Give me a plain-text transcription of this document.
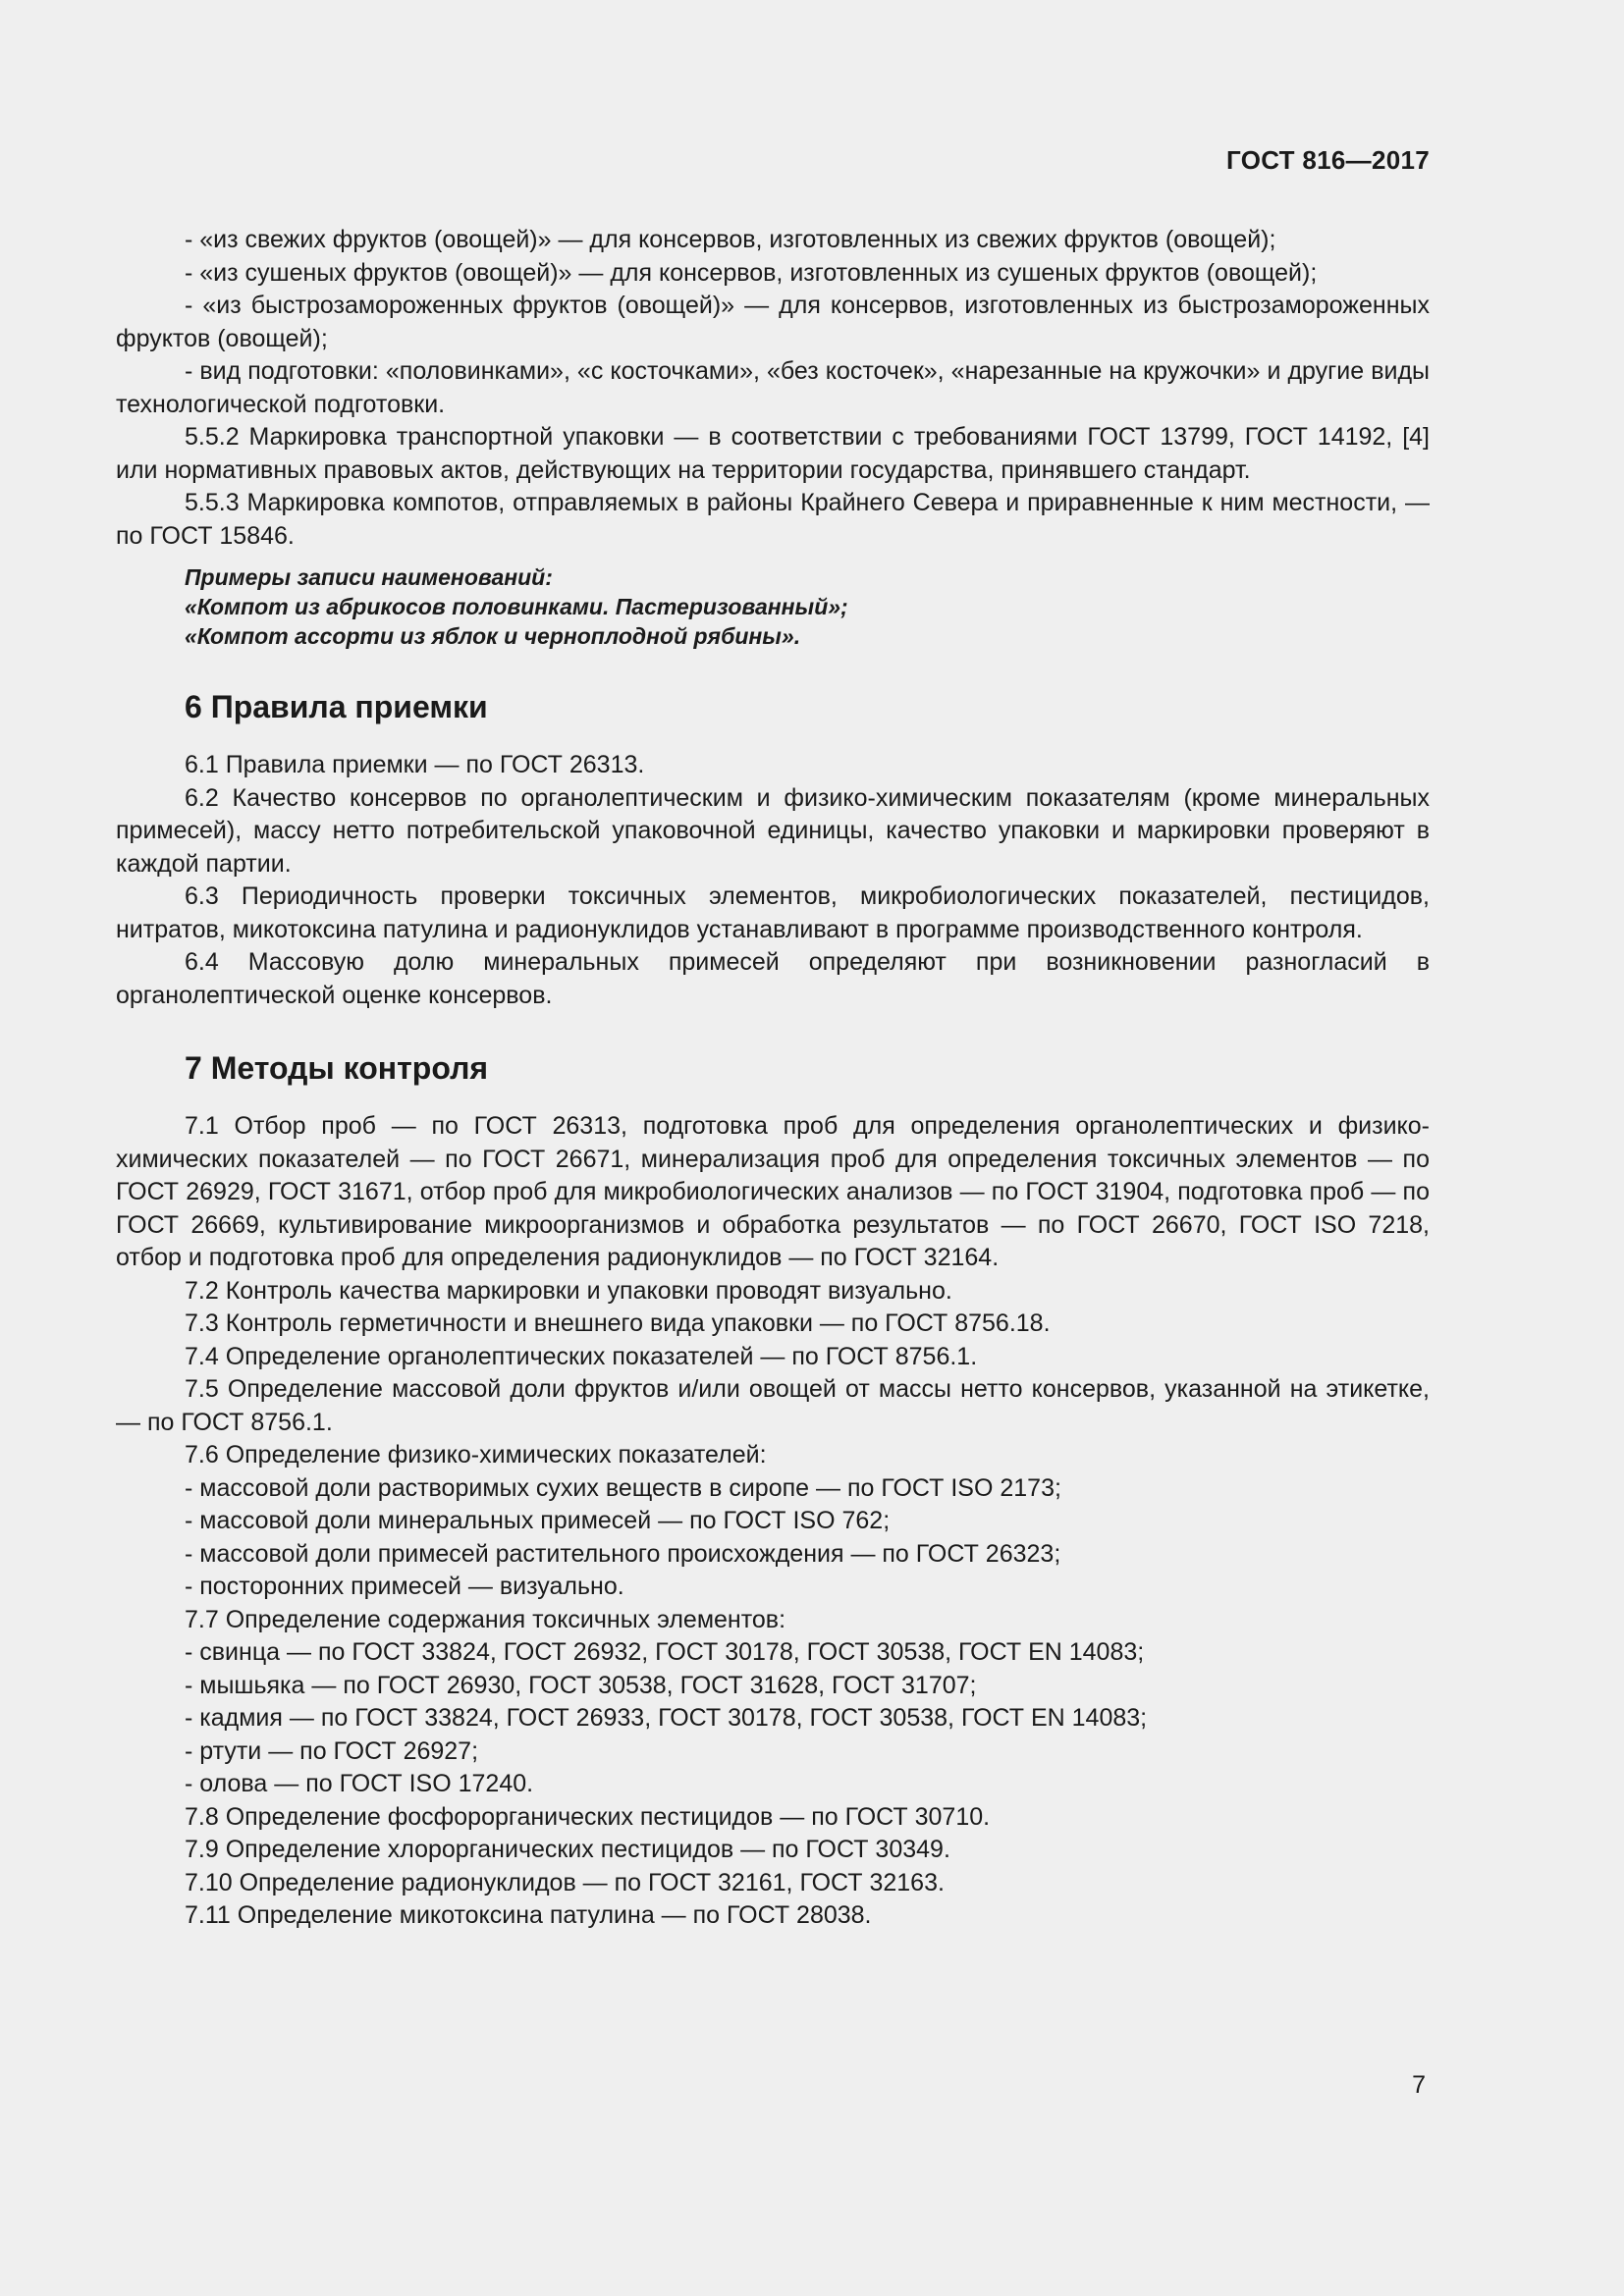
ГОСТ 816—2017

- «из свежих фруктов (овощей)» — для консервов, изготовленных из свежих фруктов (овощей);

- «из сушеных фруктов (овощей)» — для консервов, изготовленных из сушеных фруктов (овощей);

- «из быстрозамороженных фруктов (овощей)» — для консервов, изготовленных из быстрозамороженных фруктов (овощей);

- вид подготовки: «половинками», «с косточками», «без косточек», «нарезанные на кружочки» и другие виды технологической подготовки.

5.5.2 Маркировка транспортной упаковки — в соответствии с требованиями ГОСТ 13799, ГОСТ 14192, [4] или нормативных правовых актов, действующих на территории государства, принявшего стандарт.

5.5.3 Маркировка компотов, отправляемых в районы Крайнего Севера и приравненные к ним местности, — по ГОСТ 15846.

Примеры записи наименований:
«Компот из абрикосов половинками. Пастеризованный»;
«Компот ассорти из яблок и черноплодной рябины».
6 Правила приемки

6.1 Правила приемки — по ГОСТ 26313.

6.2 Качество консервов по органолептическим и физико-химическим показателям (кроме минеральных примесей), массу нетто потребительской упаковочной единицы, качество упаковки и маркировки проверяют в каждой партии.

6.3 Периодичность проверки токсичных элементов, микробиологических показателей, пестицидов, нитратов, микотоксина патулина и радионуклидов устанавливают в программе производственного контроля.

6.4 Массовую долю минеральных примесей определяют при возникновении разногласий в органолептической оценке консервов.

7 Методы контроля

7.1 Отбор проб — по ГОСТ 26313, подготовка проб для определения органолептических и физико-химических показателей — по ГОСТ 26671, минерализация проб для определения токсичных элементов — по ГОСТ 26929, ГОСТ 31671, отбор проб для микробиологических анализов — по ГОСТ 31904, подготовка проб — по ГОСТ 26669, культивирование микроорганизмов и обработка результатов — по ГОСТ 26670, ГОСТ ISO 7218, отбор и подготовка проб для определения радионуклидов — по ГОСТ 32164.

7.2 Контроль качества маркировки и упаковки проводят визуально.

7.3 Контроль герметичности и внешнего вида упаковки — по ГОСТ 8756.18.

7.4 Определение органолептических показателей — по ГОСТ 8756.1.

7.5 Определение массовой доли фруктов и/или овощей от массы нетто консервов, указанной на этикетке, — по ГОСТ 8756.1.

7.6 Определение физико-химических показателей:

- массовой доли растворимых сухих веществ в сиропе — по ГОСТ ISO 2173;

- массовой доли минеральных примесей — по ГОСТ ISO 762;

- массовой доли примесей растительного происхождения — по ГОСТ 26323;

- посторонних примесей — визуально.

7.7 Определение содержания токсичных элементов:

- свинца — по ГОСТ 33824, ГОСТ 26932, ГОСТ 30178, ГОСТ 30538, ГОСТ EN 14083;

- мышьяка — по ГОСТ 26930, ГОСТ 30538, ГОСТ 31628, ГОСТ 31707;

- кадмия — по ГОСТ 33824, ГОСТ 26933, ГОСТ 30178, ГОСТ 30538, ГОСТ EN 14083;

- ртути — по ГОСТ 26927;

- олова — по ГОСТ ISO 17240.

7.8 Определение фосфорорганических пестицидов — по ГОСТ 30710.

7.9 Определение хлорорганических пестицидов — по ГОСТ 30349.

7.10 Определение радионуклидов — по ГОСТ 32161, ГОСТ 32163.

7.11 Определение микотоксина патулина — по ГОСТ 28038.

7
